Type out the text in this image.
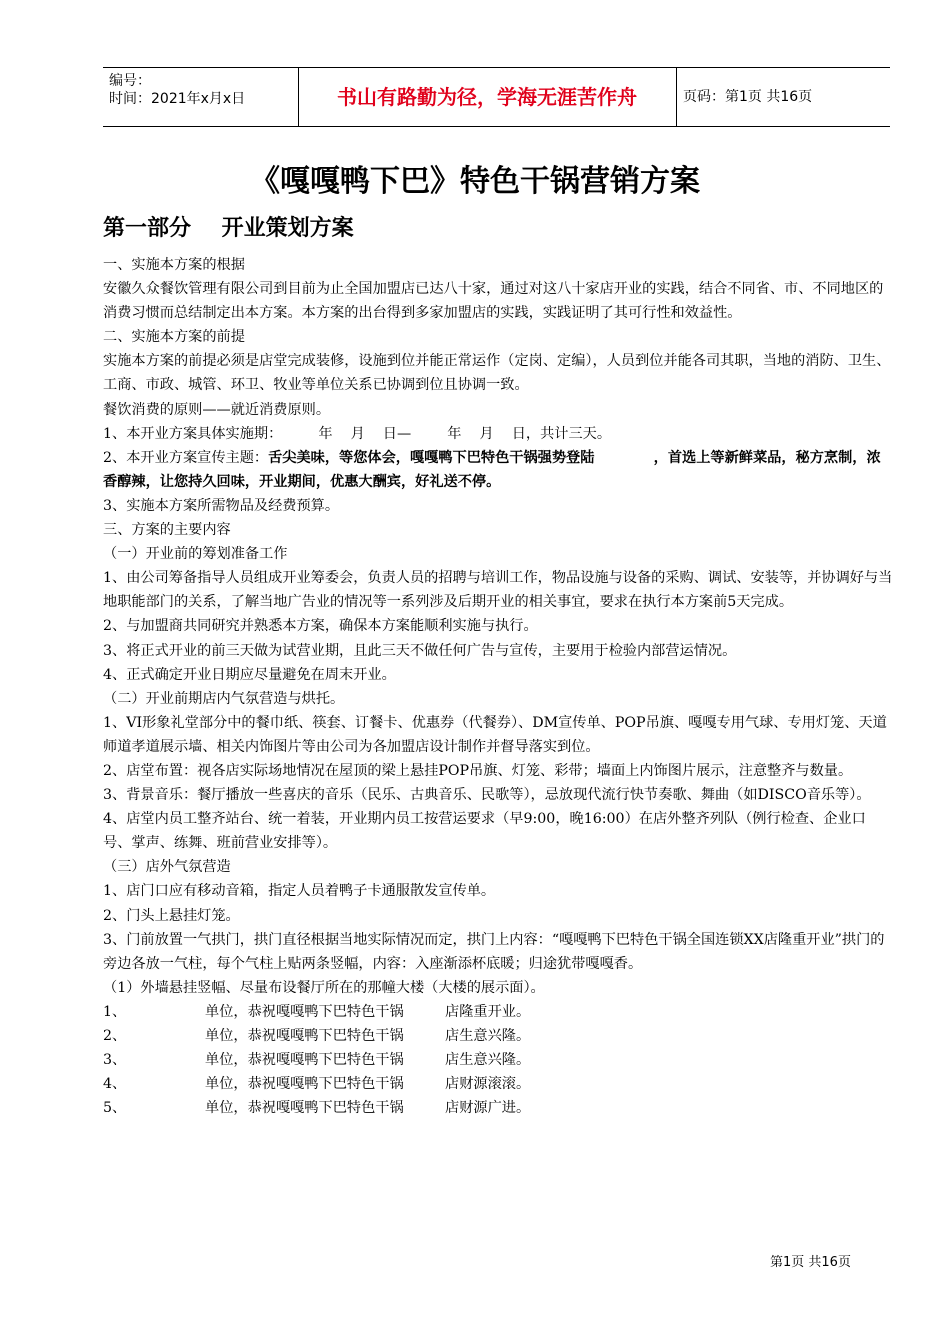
编号：
时间：2021年x月x日	书山有路勤为径，学海无涯苦作舟	页码：第1页 共16页
《嘎嘎鸭下巴》特色干锅营销方案
第一部分    开业策划方案

一、实施本方案的根据

安徽久众餐饮管理有限公司到目前为止全国加盟店已达八十家，通过对这八十家店开业的实践，结合不同省、市、不同地区的消费习惯而总结制定出本方案。本方案的出台得到多家加盟店的实践，实践证明了其可行性和效益性。

二、实施本方案的前提

实施本方案的前提必须是店堂完成装修，设施到位并能正常运作（定岗、定编），人员到位并能各司其职，当地的消防、卫生、工商、市政、城管、环卫、牧业等单位关系已协调到位且协调一致。

餐饮消费的原则——就近消费原则。

1、本开业方案具体实施期：        年    月    日—        年    月    日，共计三天。

2、本开业方案宣传主题：舌尖美味，等您体会，嘎嘎鸭下巴特色干锅强势登陆            ，首选上等新鲜菜品，秘方烹制，浓香醇辣，让您持久回味，开业期间，优惠大酬宾，好礼送不停。

3、实施本方案所需物品及经费预算。

三、方案的主要内容

（一）开业前的筹划准备工作

1、由公司筹备指导人员组成开业筹委会，负责人员的招聘与培训工作，物品设施与设备的采购、调试、安装等，并协调好与当地职能部门的关系，了解当地广告业的情况等一系列涉及后期开业的相关事宜，要求在执行本方案前5天完成。

2、与加盟商共同研究并熟悉本方案，确保本方案能顺利实施与执行。

3、将正式开业的前三天做为试营业期，且此三天不做任何广告与宣传，主要用于检验内部营运情况。

4、正式确定开业日期应尽量避免在周末开业。

（二）开业前期店内气氛营造与烘托。

1、VI形象礼堂部分中的餐巾纸、筷套、订餐卡、优惠券（代餐券）、DM宣传单、POP吊旗、嘎嘎专用气球、专用灯笼、天道师道孝道展示墙、相关内饰图片等由公司为各加盟店设计制作并督导落实到位。

2、店堂布置：视各店实际场地情况在屋顶的梁上悬挂POP吊旗、灯笼、彩带；墙面上内饰图片展示，注意整齐与数量。

3、背景音乐：餐厅播放一些喜庆的音乐（民乐、古典音乐、民歌等），忌放现代流行快节奏歌、舞曲（如DISCO音乐等）。

4、店堂内员工整齐站台、统一着装，开业期内员工按营运要求（早9:00，晚16:00）在店外整齐列队（例行检查、企业口号、掌声、练舞、班前营业安排等）。

（三）店外气氛营造

1、店门口应有移动音箱，指定人员着鸭子卡通服散发宣传单。

2、门头上悬挂灯笼。

3、门前放置一气拱门，拱门直径根据当地实际情况而定，拱门上内容：“嘎嘎鸭下巴特色干锅全国连锁XX店隆重开业”拱门的旁边各放一气柱，每个气柱上贴两条竖幅，内容：入座渐添杯底暖；归途犹带嘎嘎香。

（1）外墙悬挂竖幅、尽量布设餐厅所在的那幢大楼（大楼的展示面）。

1、	单位，恭祝嘎嘎鸭下巴特色干锅	店隆重开业。
2、	单位，恭祝嘎嘎鸭下巴特色干锅	店生意兴隆。
3、	单位，恭祝嘎嘎鸭下巴特色干锅	店生意兴隆。
4、	单位，恭祝嘎嘎鸭下巴特色干锅	店财源滚滚。
5、	单位，恭祝嘎嘎鸭下巴特色干锅	店财源广进。
第1页 共16页
